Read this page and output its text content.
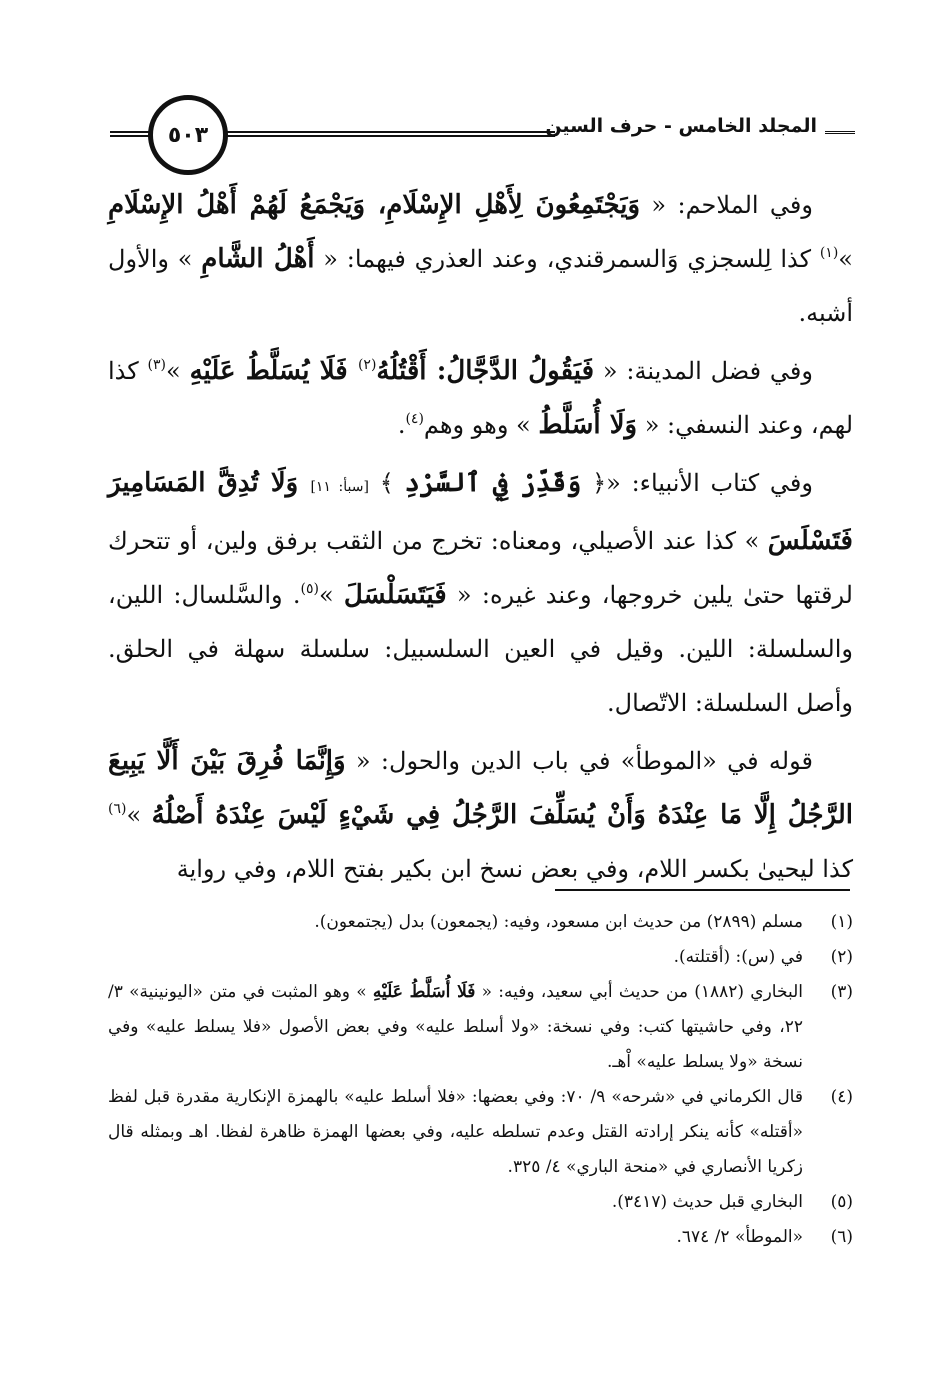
المجلد الخامس - حرف السين
٥٠٣

وفي الملاحم: « وَيَجْتَمِعُونَ لِأَهْلِ الإِسْلَامِ، وَيَجْمَعُ لَهُمْ أَهْلُ الإِسْلَامِ »$^{(١)}$ كذا لِلسجزي وَالسمرقندي، وعند العذري فيهما: « أَهْلُ الشَّامِ » والأول أشبه.

وفي فضل المدينة: « فَيَقُولُ الدَّجَّالُ: أَقْتُلُهُ$^{(٢)}$ فَلَا يُسَلَّطُ عَلَيْهِ »$^{(٣)}$ كذا لهم، وعند النسفي: « وَلَا أُسَلَّطُ » وهو وهم$^{(٤)}$.

وفي كتاب الأنبياء: «﴿ وَقَدِّرْ فِي ٱلسَّرْدِ ﴾ [سبأ: ١١] وَلَا تُدِقَّ المَسَامِيرَ فَتَسْلَسَ » كذا عند الأصيلي، ومعناه: تخرج من الثقب برفق ولين، أو تتحرك لرقتها حتىٰ يلين خروجها، وعند غيره: « فَيَتَسَلْسَلَ »$^{(٥)}$. والسَّلسال: اللين، والسلسلة: اللين. وقيل في العين السلسبيل: سلسلة سهلة في الحلق. وأصل السلسلة: الاتّصال.

قوله في «الموطأ» في باب الدين والحول: « وَإِنَّمَا فُرِقَ بَيْنَ أَلَّا يَبِيعَ الرَّجُلُ إِلَّا مَا عِنْدَهُ وَأَنْ يُسَلِّفَ الرَّجُلُ فِي شَيْءٍ لَيْسَ عِنْدَهُ أَصْلُهُ »$^{(٦)}$ كذا ليحيىٰ بكسر اللام، وفي بعض نسخ ابن بكير بفتح اللام، وفي رواية

(١)
مسلم (٢٨٩٩) من حديث ابن مسعود، وفيه: (يجمعون) بدل (يجتمعون).
(٢)
في (س): (أقتلته).
(٣)
البخاري (١٨٨٢) من حديث أبي سعيد، وفيه: « فَلَا أُسَلَّطُ عَلَيْهِ » وهو المثبت في متن «اليونينية» ٣/ ٢٢، وفي حاشيتها كتب: وفي نسخة: «ولا أسلط عليه» وفي بعض الأصول «فلا يسلط عليه» وفي نسخة «ولا يسلط عليه» اْهـ.
(٤)
قال الكرماني في «شرحه» ٩/ ٧٠: وفي بعضها: «فلا أسلط عليه» بالهمزة الإنكارية مقدرة قبل لفظ «أقتله» كأنه ينكر إرادته القتل وعدم تسلطه عليه، وفي بعضها الهمزة ظاهرة لفظا. اهـ وبمثله قال زكريا الأنصاري في «منحة الباري» ٤/ ٣٢٥.
(٥)
البخاري قبل حديث (٣٤١٧).
(٦)
«الموطأ» ٢/ ٦٧٤.
